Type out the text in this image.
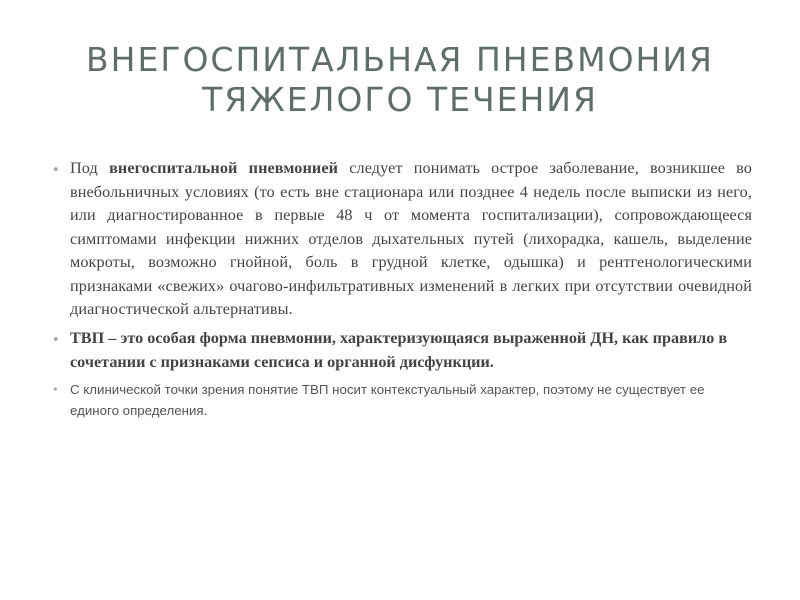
ВНЕГОСПИТАЛЬНАЯ ПНЕВМОНИЯ
ТЯЖЕЛОГО ТЕЧЕНИЯ
• Под внегоспитальной пневмонией следует понимать острое заболевание, возникшее во внебольничных условиях (то есть вне стационара или позднее 4 недель после выписки из него, или диагностированное в первые 48 ч от момента госпитализации), сопровождающееся симптомами инфекции нижних отделов дыхательных путей (лихорадка, кашель, выделение мокроты, возможно гнойной, боль в грудной клетке, одышка) и рентгенологическими признаками «свежих» очагово-инфильтративных изменений в легких при отсутствии очевидной диагностической альтернативы.
• ТВП – это особая форма пневмонии, характеризующаяся выраженной ДН, как правило в сочетании с признаками сепсиса и органной дисфункции.
• С клинической точки зрения понятие ТВП носит контекстуальный характер, поэтому не существует ее единого определения.
